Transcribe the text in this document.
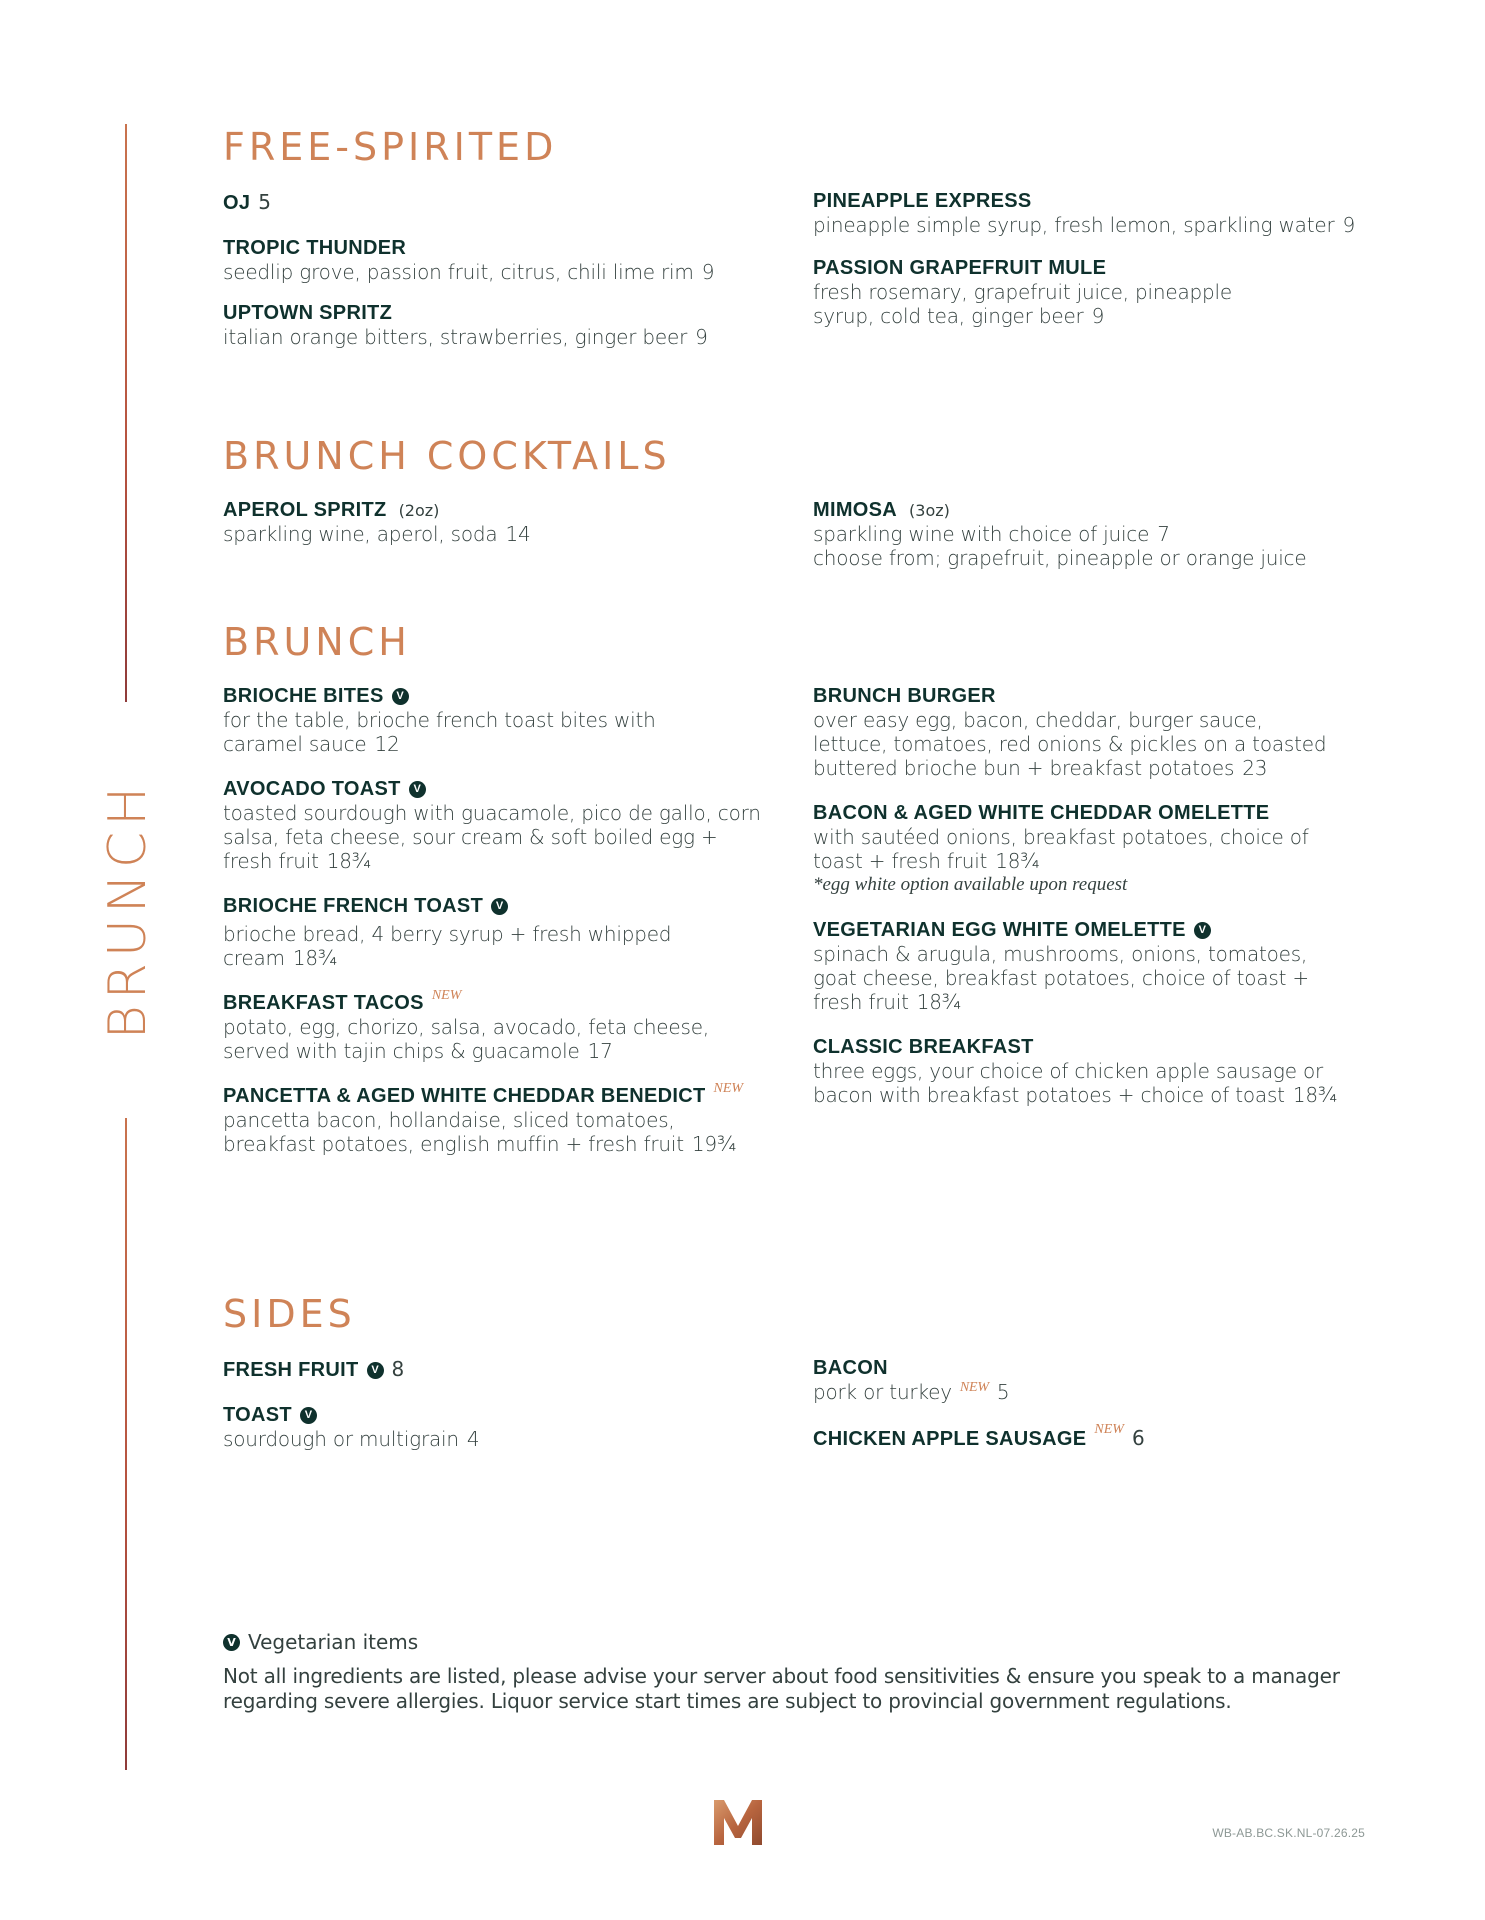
BRUNCH
FREE-SPIRITED
OJ 5
TROPIC THUNDER
seedlip grove, passion fruit, citrus, chili lime rim 9
UPTOWN SPRITZ
italian orange bitters, strawberries, ginger beer 9
PINEAPPLE EXPRESS
pineapple simple syrup, fresh lemon, sparkling water 9
PASSION GRAPEFRUIT MULE
fresh rosemary, grapefruit juice, pineapple syrup, cold tea, ginger beer 9
BRUNCH COCKTAILS
APEROL SPRITZ (2oz)
sparkling wine, aperol, soda 14
MIMOSA (3oz)
sparkling wine with choice of juice 7
choose from; grapefruit, pineapple or orange juice
BRUNCH
BRIOCHE BITES V
for the table, brioche french toast bites with caramel sauce 12
AVOCADO TOAST V
toasted sourdough with guacamole, pico de gallo, corn salsa, feta cheese, sour cream & soft boiled egg + fresh fruit 18¾
BRIOCHE FRENCH TOAST V
brioche bread, 4 berry syrup + fresh whipped cream 18¾
BREAKFAST TACOS NEW
potato, egg, chorizo, salsa, avocado, feta cheese, served with tajin chips & guacamole 17
PANCETTA & AGED WHITE CHEDDAR BENEDICT NEW
pancetta bacon, hollandaise, sliced tomatoes, breakfast potatoes, english muffin + fresh fruit 19¾
BRUNCH BURGER
over easy egg, bacon, cheddar, burger sauce, lettuce, tomatoes, red onions & pickles on a toasted buttered brioche bun + breakfast potatoes 23
BACON & AGED WHITE CHEDDAR OMELETTE
with sautéed onions, breakfast potatoes, choice of toast + fresh fruit 18¾
*egg white option available upon request
VEGETARIAN EGG WHITE OMELETTE V
spinach & arugula, mushrooms, onions, tomatoes, goat cheese, breakfast potatoes, choice of toast + fresh fruit 18¾
CLASSIC BREAKFAST
three eggs, your choice of chicken apple sausage or bacon with breakfast potatoes + choice of toast 18¾
SIDES
FRESH FRUIT V 8
TOAST V
sourdough or multigrain 4
BACON
pork or turkey $^{NEW}$ 5
CHICKEN APPLE SAUSAGE NEW 6
V Vegetarian items
Not all ingredients are listed, please advise your server about food sensitivities & ensure you speak to a manager regarding severe allergies. Liquor service start times are subject to provincial government regulations.
WB-AB.BC.SK.NL-07.26.25
